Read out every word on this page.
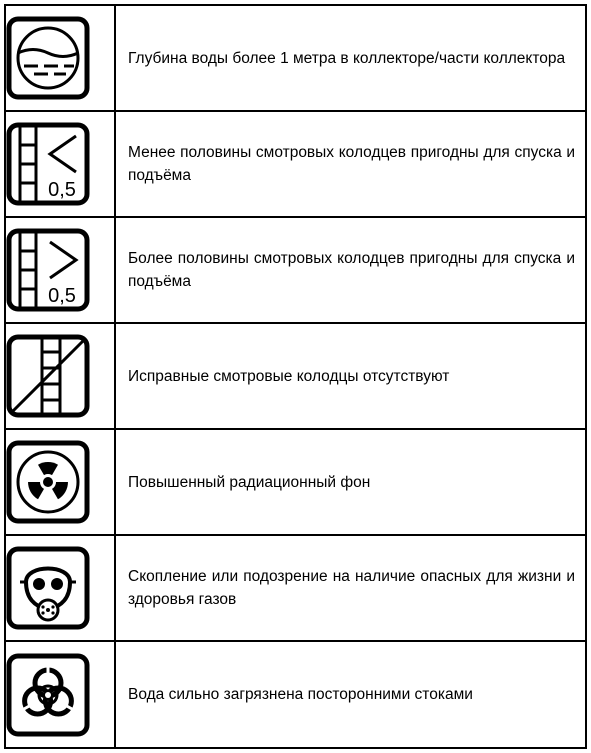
	Глубина воды более 1 метра в коллекторе/части коллектора

0,5	Менее половины смотровых колодцев пригодны для спуска и подъёма

0,5	Более половины смотровых колодцев пригодны для спуска и подъёма

	Исправные смотровые колодцы отсутствуют

	Повышенный радиационный фон

	Скопление или подозрение на наличие опасных для жизни и здоровья газов

	Вода сильно загрязнена посторонними стоками
